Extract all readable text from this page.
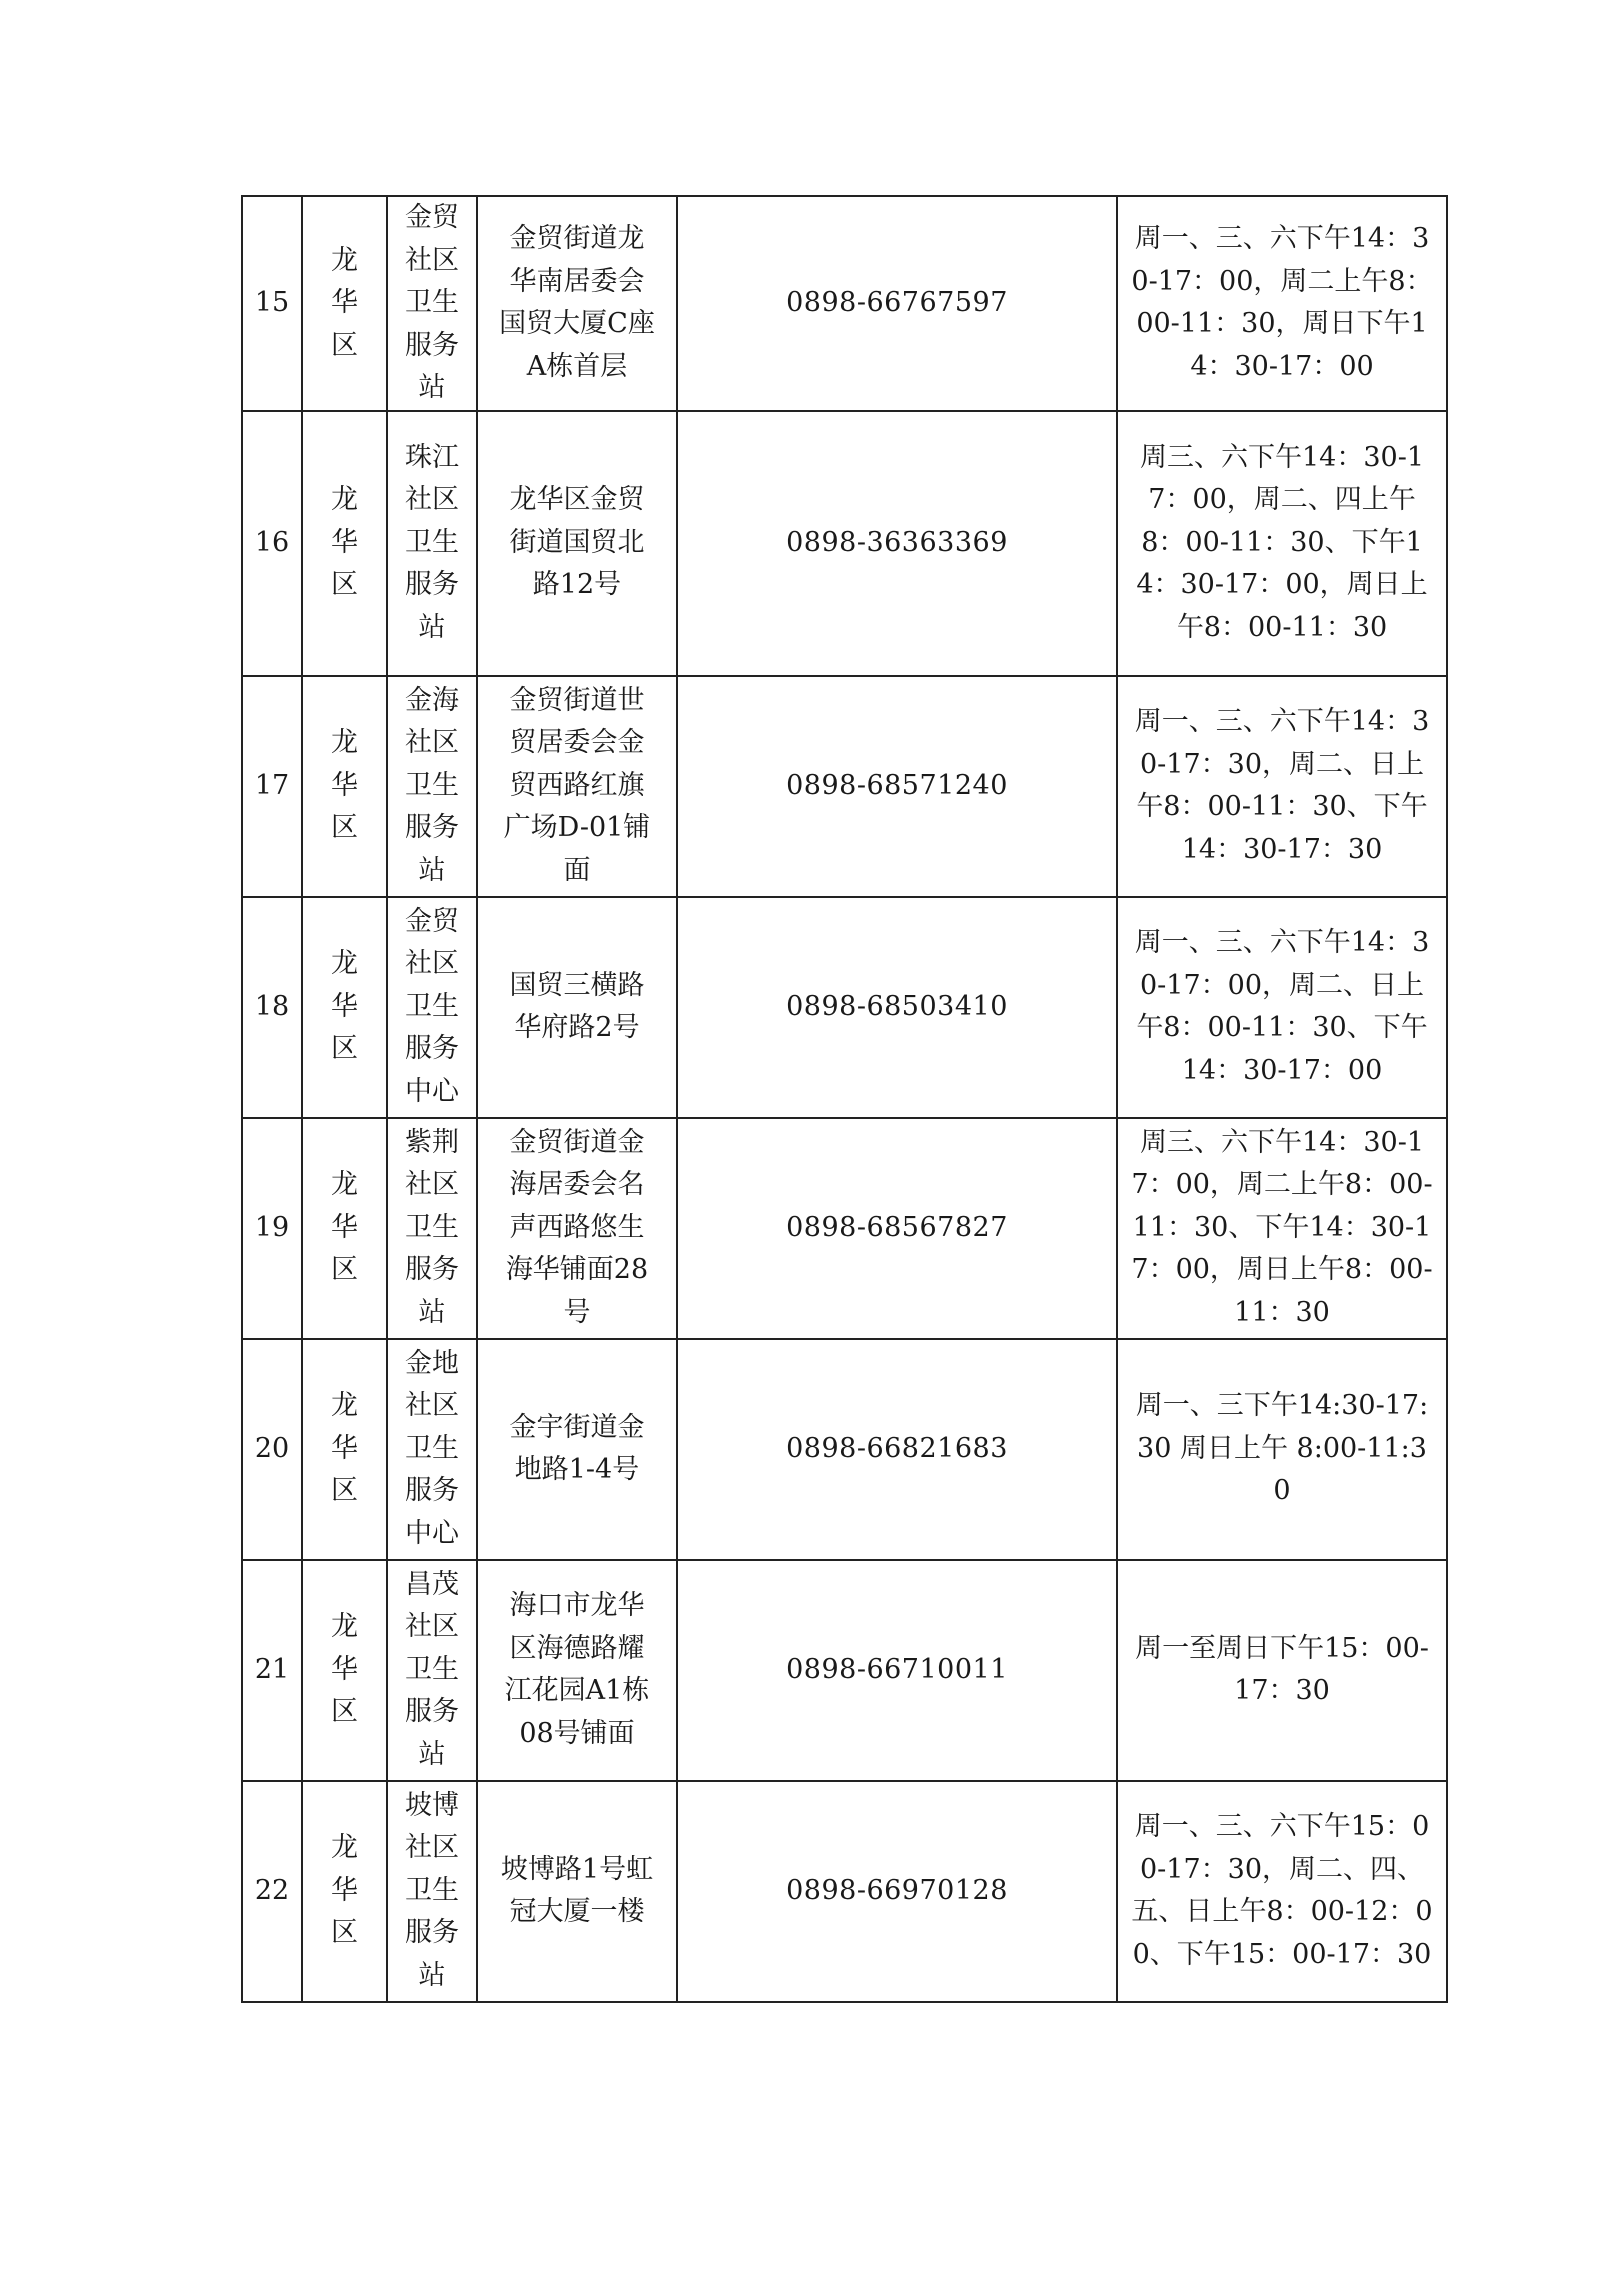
15	龙华区	金贸社区卫生服务站	金贸街道龙华南居委会国贸大厦C座A栋首层	0898-66767597	周一、三、六下午14：30-17：00，周二上午8：00-11：30，周日下午14：30-17：00

16	龙华区	珠江社区卫生服务站	龙华区金贸街道国贸北路12号	0898-36363369	周三、六下午14：30-17：00，周二、四上午8：00-11：30、下午14：30-17：00，周日上午8：00-11：30

17	龙华区	金海社区卫生服务站	金贸街道世贸居委会金贸西路红旗广场D-01铺面	0898-68571240	周一、三、六下午14：30-17：30，周二、日上午8：00-11：30、下午14：30-17：30

18	龙华区	金贸社区卫生服务中心	国贸三横路华府路2号	0898-68503410	周一、三、六下午14：30-17：00，周二、日上午8：00-11：30、下午14：30-17：00

19	龙华区	紫荆社区卫生服务站	金贸街道金海居委会名声西路悠生海华铺面28号	0898-68567827	周三、六下午14：30-17：00，周二上午8：00-11：30、下午14：30-17：00，周日上午8：00-11：30

20	龙华区	金地社区卫生服务中心	金宇街道金地路1-4号	0898-66821683	周一、三下午14:30-17:30 周日上午 8:00-11:30

21	龙华区	昌茂社区卫生服务站	海口市龙华区海德路耀江花园A1栋08号铺面	0898-66710011	周一至周日下午15：00-17：30

22	龙华区	坡博社区卫生服务站	坡博路1号虹冠大厦一楼	0898-66970128	周一、三、六下午15：00-17：30，周二、四、五、日上午8：00-12：00、下午15：00-17：30
